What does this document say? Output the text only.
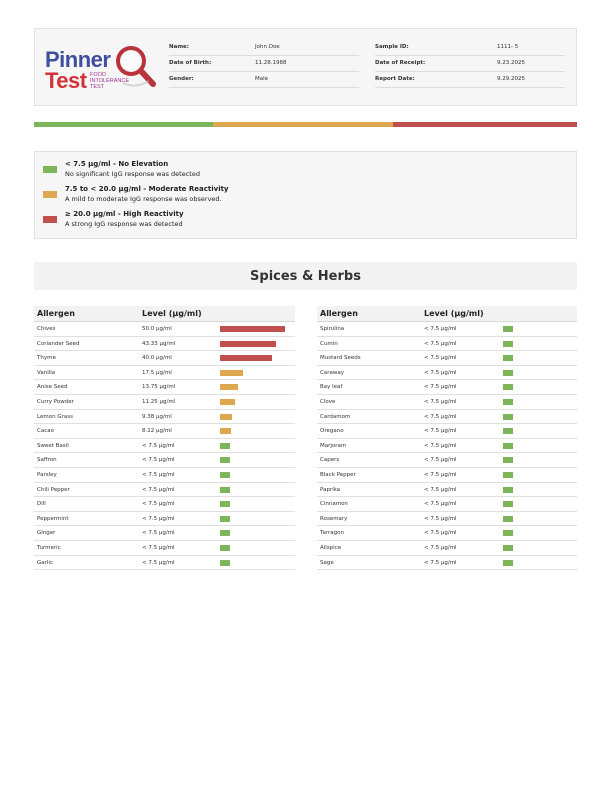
Pinner
Test FOOD
INTOLERANCE
TEST
Name:	John Doe
Date of Birth:	11.28.1988
Gender:	Male
Sample ID:	1111- 5
Date of Receipt:	9.23.2025
Report Date:	9.29.2025
< 7.5 µg/ml - No Elevation
No significant IgG response was detected
7.5 to < 20.0 µg/ml - Moderate Reactivity
A mild to moderate IgG response was observed.
≥ 20.0 µg/ml - High Reactivity
A strong IgG response was detected
Spices & Herbs
Allergen	Level (µg/ml)
Chives	50.0 µg/ml
Coriander Seed	43.33 µg/ml
Thyme	40.0 µg/ml
Vanilla	17.5 µg/ml
Anise Seed	13.75 µg/ml
Curry Powder	11.25 µg/ml
Lemon Grass	9.38 µg/ml
Cacao	8.12 µg/ml
Sweet Basil	< 7.5 µg/ml
Saffron	< 7.5 µg/ml
Parsley	< 7.5 µg/ml
Chili Pepper	< 7.5 µg/ml
Dill	< 7.5 µg/ml
Peppermint	< 7.5 µg/ml
Ginger	< 7.5 µg/ml
Turmeric	< 7.5 µg/ml
Garlic	< 7.5 µg/ml
Allergen	Level (µg/ml)
Spirulina	< 7.5 µg/ml
Cumin	< 7.5 µg/ml
Mustard Seeds	< 7.5 µg/ml
Caraway	< 7.5 µg/ml
Bay leaf	< 7.5 µg/ml
Clove	< 7.5 µg/ml
Cardamom	< 7.5 µg/ml
Oregano	< 7.5 µg/ml
Marjoram	< 7.5 µg/ml
Capers	< 7.5 µg/ml
Black Pepper	< 7.5 µg/ml
Paprika	< 7.5 µg/ml
Cinnamon	< 7.5 µg/ml
Rosemary	< 7.5 µg/ml
Tarragon	< 7.5 µg/ml
Allspice	< 7.5 µg/ml
Sage	< 7.5 µg/ml
